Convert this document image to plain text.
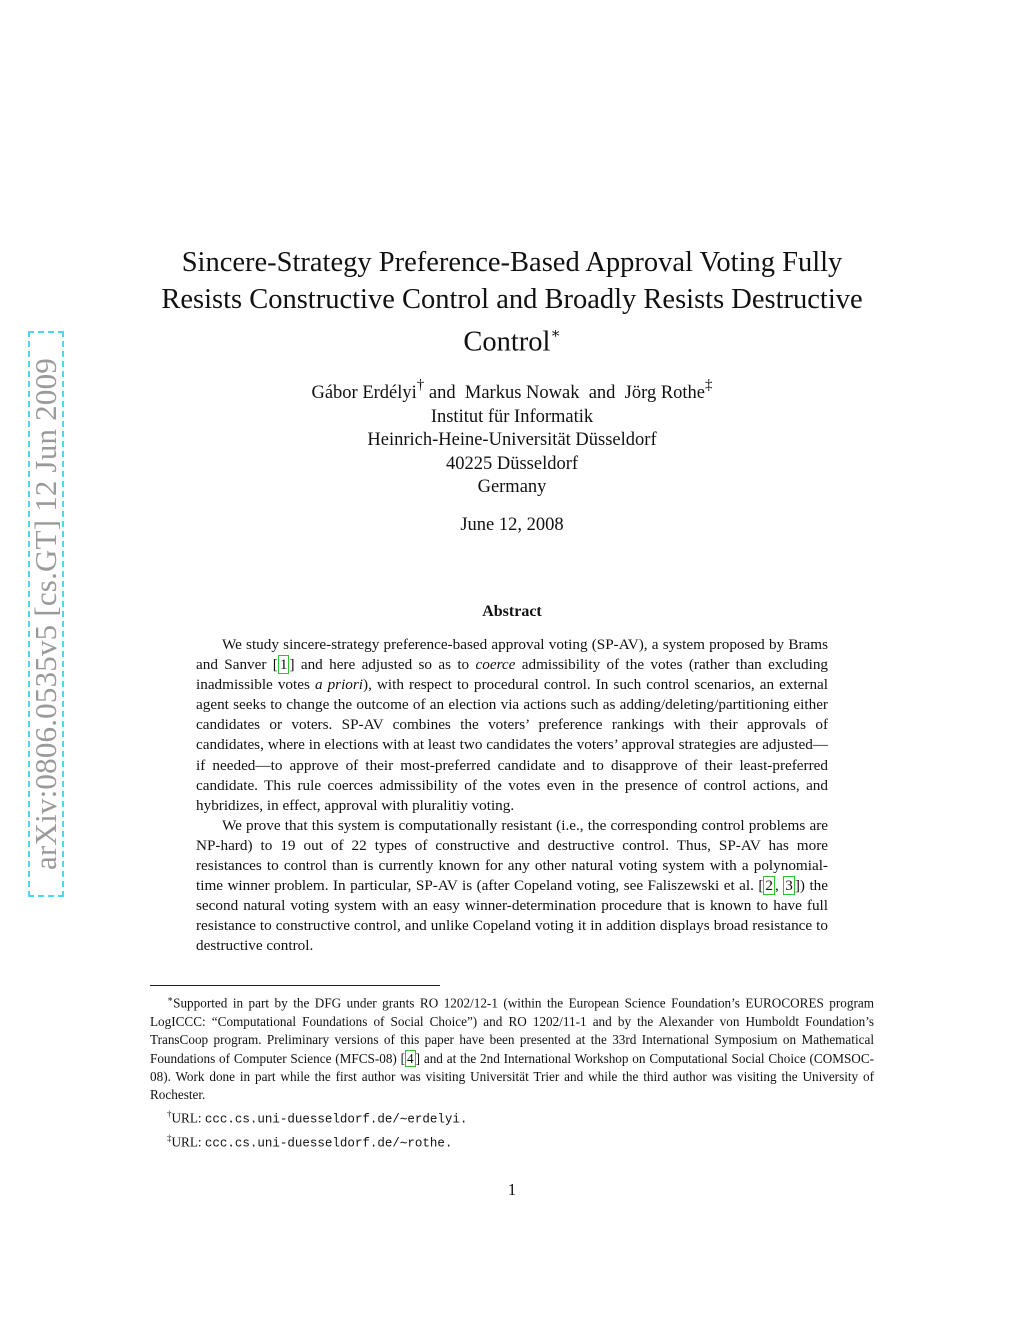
arXiv:0806.0535v5 [cs.GT] 12 Jun 2009
Sincere-Strategy Preference-Based Approval Voting Fully
Resists Constructive Control and Broadly Resists Destructive
Control∗
Gábor Erdélyi† and  Markus Nowak  and  Jörg Rothe‡
Institut für Informatik
Heinrich-Heine-Universität Düsseldorf
40225 Düsseldorf
Germany
June 12, 2008
Abstract

We study sincere-strategy preference-based approval voting (SP-AV), a system proposed by Brams and Sanver [ 1 ] and here adjusted so as to coerce admissibility of the votes (rather than excluding inadmissible votes a priori), with respect to procedural control. In such control scenarios, an external agent seeks to change the outcome of an election via actions such as adding/deleting/partitioning either candidates or voters. SP-AV combines the voters’ preference rankings with their approvals of candidates, where in elections with at least two candidates the voters’ approval strategies are adjusted—if needed—to approve of their most-preferred candidate and to disapprove of their least-preferred candidate. This rule coerces admissibility of the votes even in the presence of control actions, and hybridizes, in effect, approval with pluralitiy voting.

We prove that this system is computationally resistant (i.e., the corresponding control problems are NP-hard) to 19 out of 22 types of constructive and destructive control. Thus, SP-AV has more resistances to control than is currently known for any other natural voting system with a polynomial-time winner problem. In particular, SP-AV is (after Copeland voting, see Faliszewski et al. [ 2 , 3 ]) the second natural voting system with an easy winner-determination procedure that is known to have full resistance to constructive control, and unlike Copeland voting it in addition displays broad resistance to destructive control.

∗Supported in part by the DFG under grants RO 1202/12-1 (within the European Science Foundation’s EUROCORES program LogICCC: “Computational Foundations of Social Choice”) and RO 1202/11-1 and by the Alexander von Humboldt Foundation’s TransCoop program. Preliminary versions of this paper have been presented at the 33rd International Symposium on Mathematical Foundations of Computer Science (MFCS-08) [ 4 ] and at the 2nd International Workshop on Computational Social Choice (COMSOC-08). Work done in part while the first author was visiting Universität Trier and while the third author was visiting the University of Rochester.

†URL: ccc.cs.uni-duesseldorf.de/∼erdelyi.

‡URL: ccc.cs.uni-duesseldorf.de/∼rothe.

1
